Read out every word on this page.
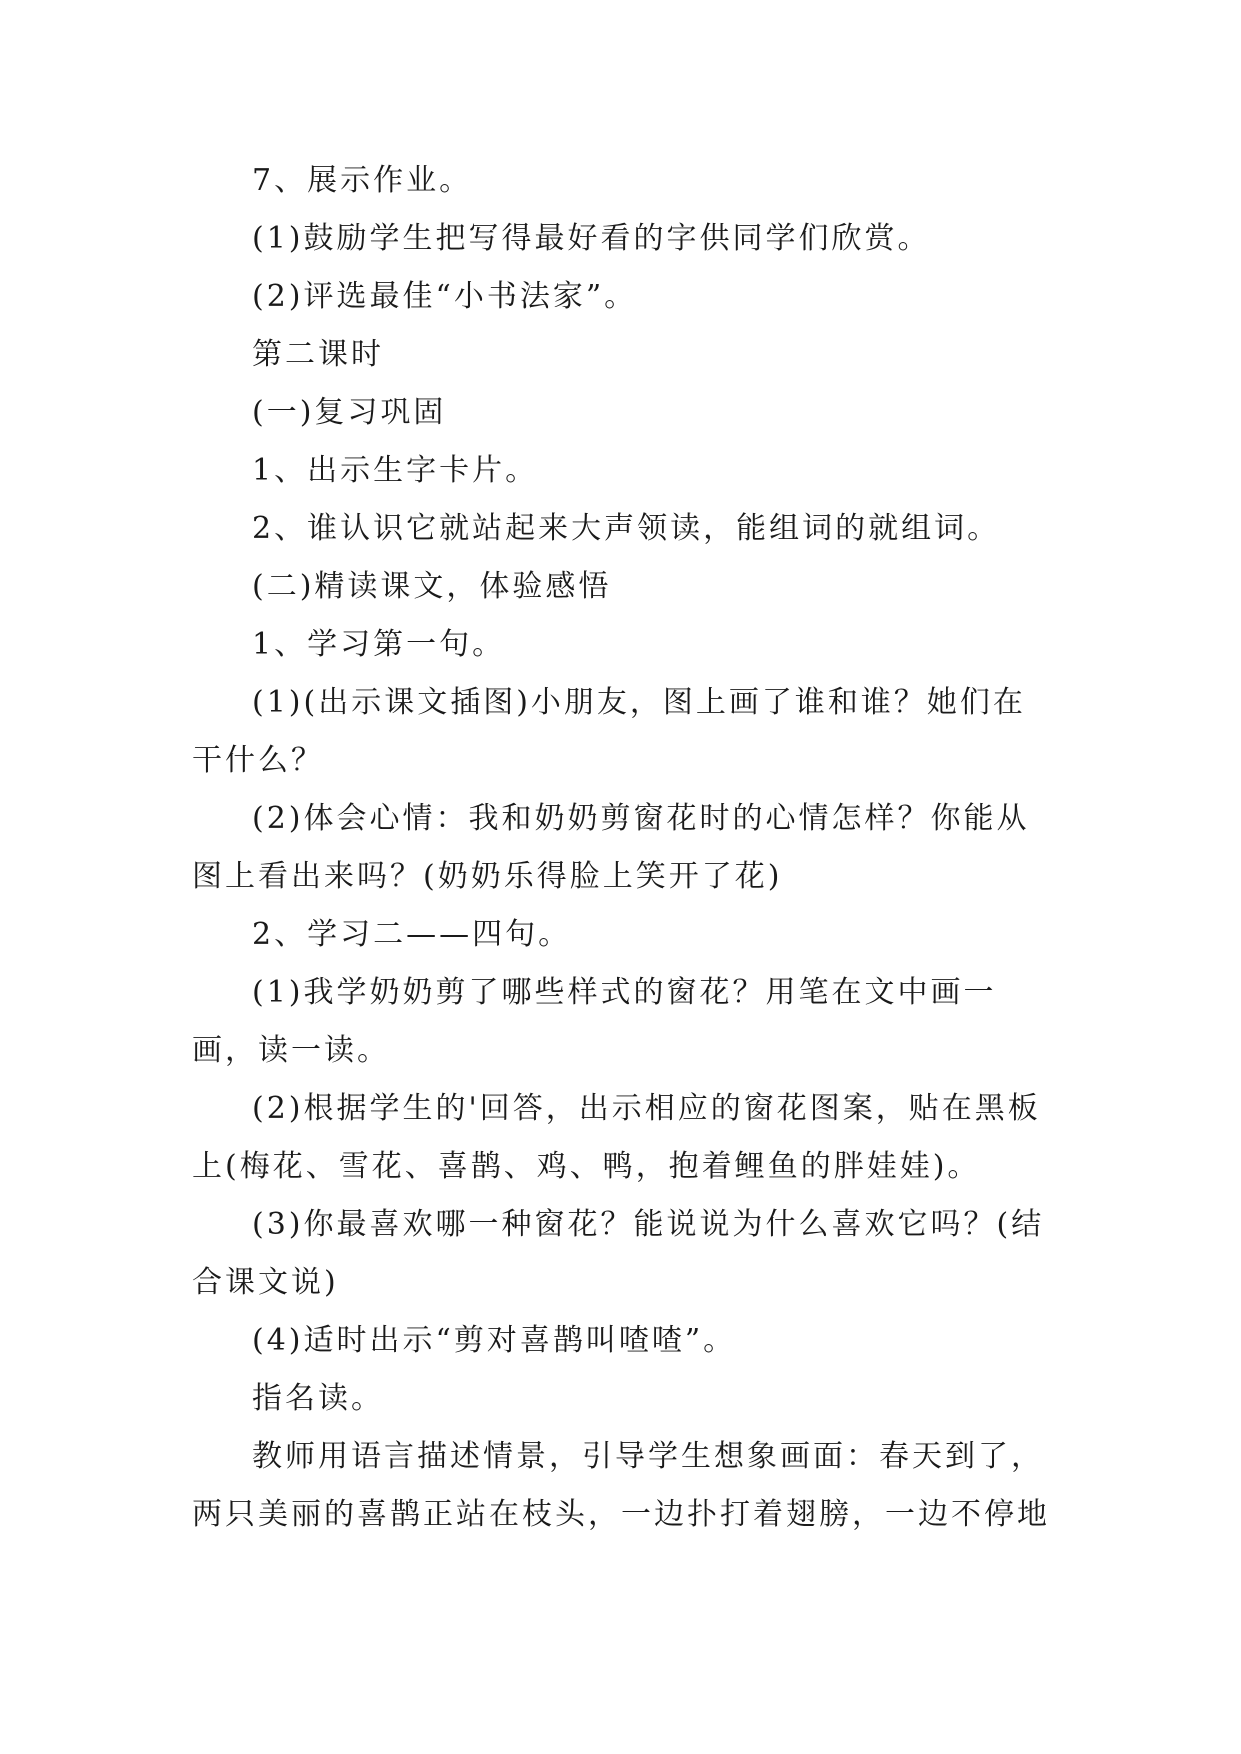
7、展示作业。

(1)鼓励学生把写得最好看的字供同学们欣赏。

(2)评选最佳“小书法家”。

第二课时

(一)复习巩固

1、出示生字卡片。

2、谁认识它就站起来大声领读，能组词的就组词。

(二)精读课文，体验感悟

1、学习第一句。

(1)(出示课文插图)小朋友，图上画了谁和谁？她们在干什么？

(2)体会心情：我和奶奶剪窗花时的心情怎样？你能从图上看出来吗？(奶奶乐得脸上笑开了花)

2、学习二——四句。

(1)我学奶奶剪了哪些样式的窗花？用笔在文中画一画，读一读。

(2)根据学生的'回答，出示相应的窗花图案，贴在黑板上(梅花、雪花、喜鹊、鸡、鸭，抱着鲤鱼的胖娃娃)。

(3)你最喜欢哪一种窗花？能说说为什么喜欢它吗？(结合课文说)

(4)适时出示“剪对喜鹊叫喳喳”。

指名读。

教师用语言描述情景，引导学生想象画面：春天到了，两只美丽的喜鹊正站在枝头，一边扑打着翅膀，一边不停地
